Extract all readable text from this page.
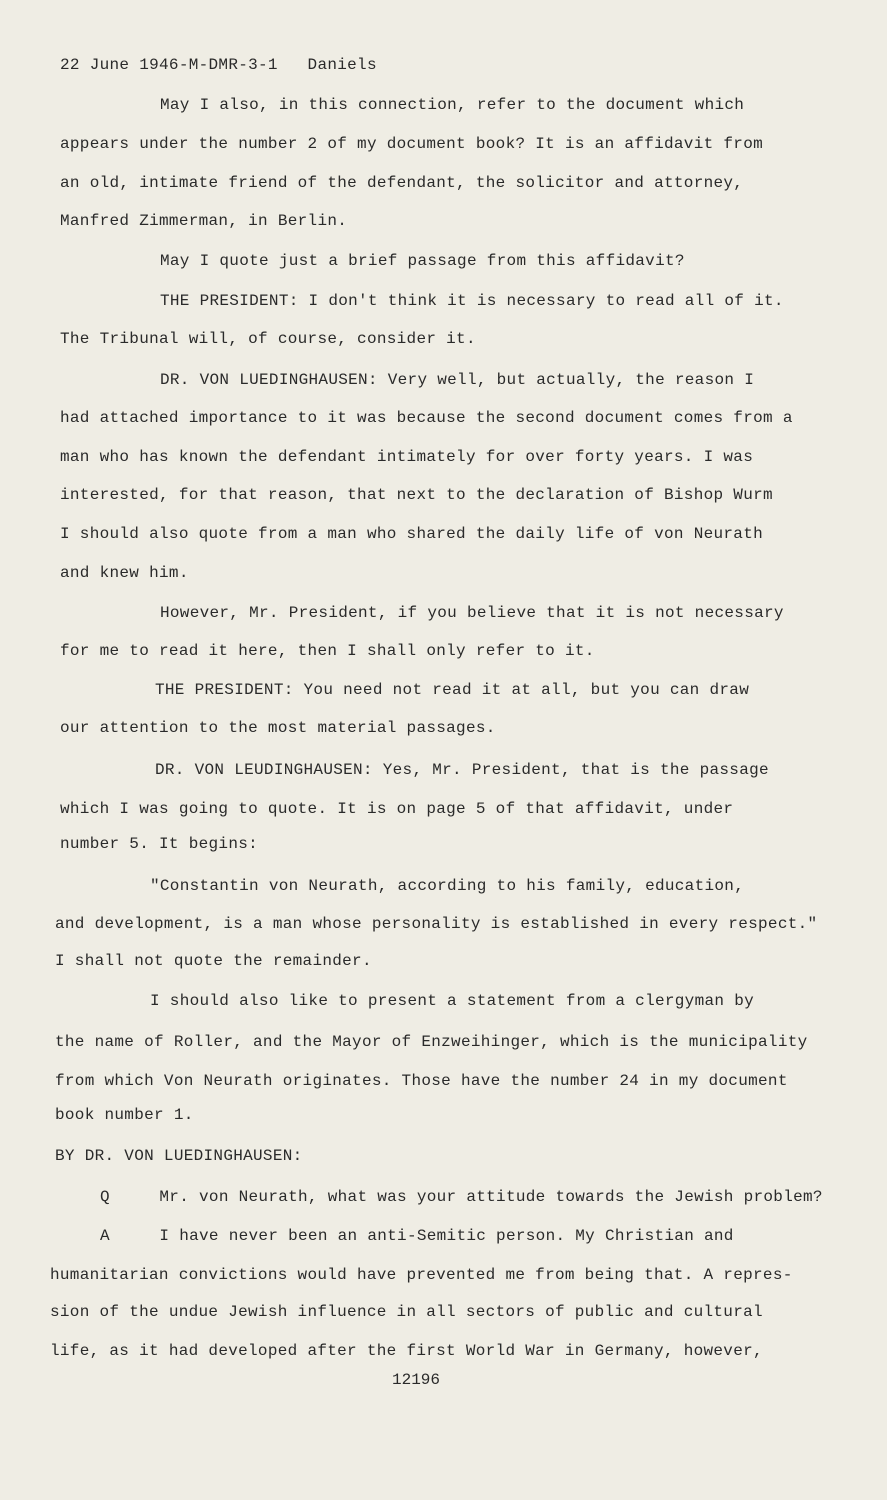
22 June 1946-M-DMR-3-1   Daniels
May I also, in this connection, refer to the document which
appears under the number 2 of my document book? It is an affidavit from
an old, intimate friend of the defendant, the solicitor and attorney,
Manfred Zimmerman, in Berlin.
May I quote just a brief passage from this affidavit?
THE PRESIDENT: I don't think it is necessary to read all of it.
The Tribunal will, of course, consider it.
DR. VON LUEDINGHAUSEN: Very well, but actually, the reason I
had attached importance to it was because the second document comes from a
man who has known the defendant intimately for over forty years. I was
interested, for that reason, that next to the declaration of Bishop Wurm
I should also quote from a man who shared the daily life of von Neurath
and knew him.
However, Mr. President, if you believe that it is not necessary
for me to read it here, then I shall only refer to it.
THE PRESIDENT: You need not read it at all, but you can draw
our attention to the most material passages.
DR. VON LEUDINGHAUSEN: Yes, Mr. President, that is the passage
which I was going to quote. It is on page 5 of that affidavit, under
number 5. It begins:
"Constantin von Neurath, according to his family, education,
and development, is a man whose personality is established in every respect."
I shall not quote the remainder.
I should also like to present a statement from a clergyman by
the name of Roller, and the Mayor of Enzweihinger, which is the municipality
from which Von Neurath originates. Those have the number 24 in my document
book number 1.
BY DR. VON LUEDINGHAUSEN:
Q     Mr. von Neurath, what was your attitude towards the Jewish problem?
A     I have never been an anti-Semitic person. My Christian and
humanitarian convictions would have prevented me from being that. A repres-
sion of the undue Jewish influence in all sectors of public and cultural
life, as it had developed after the first World War in Germany, however,
12196
